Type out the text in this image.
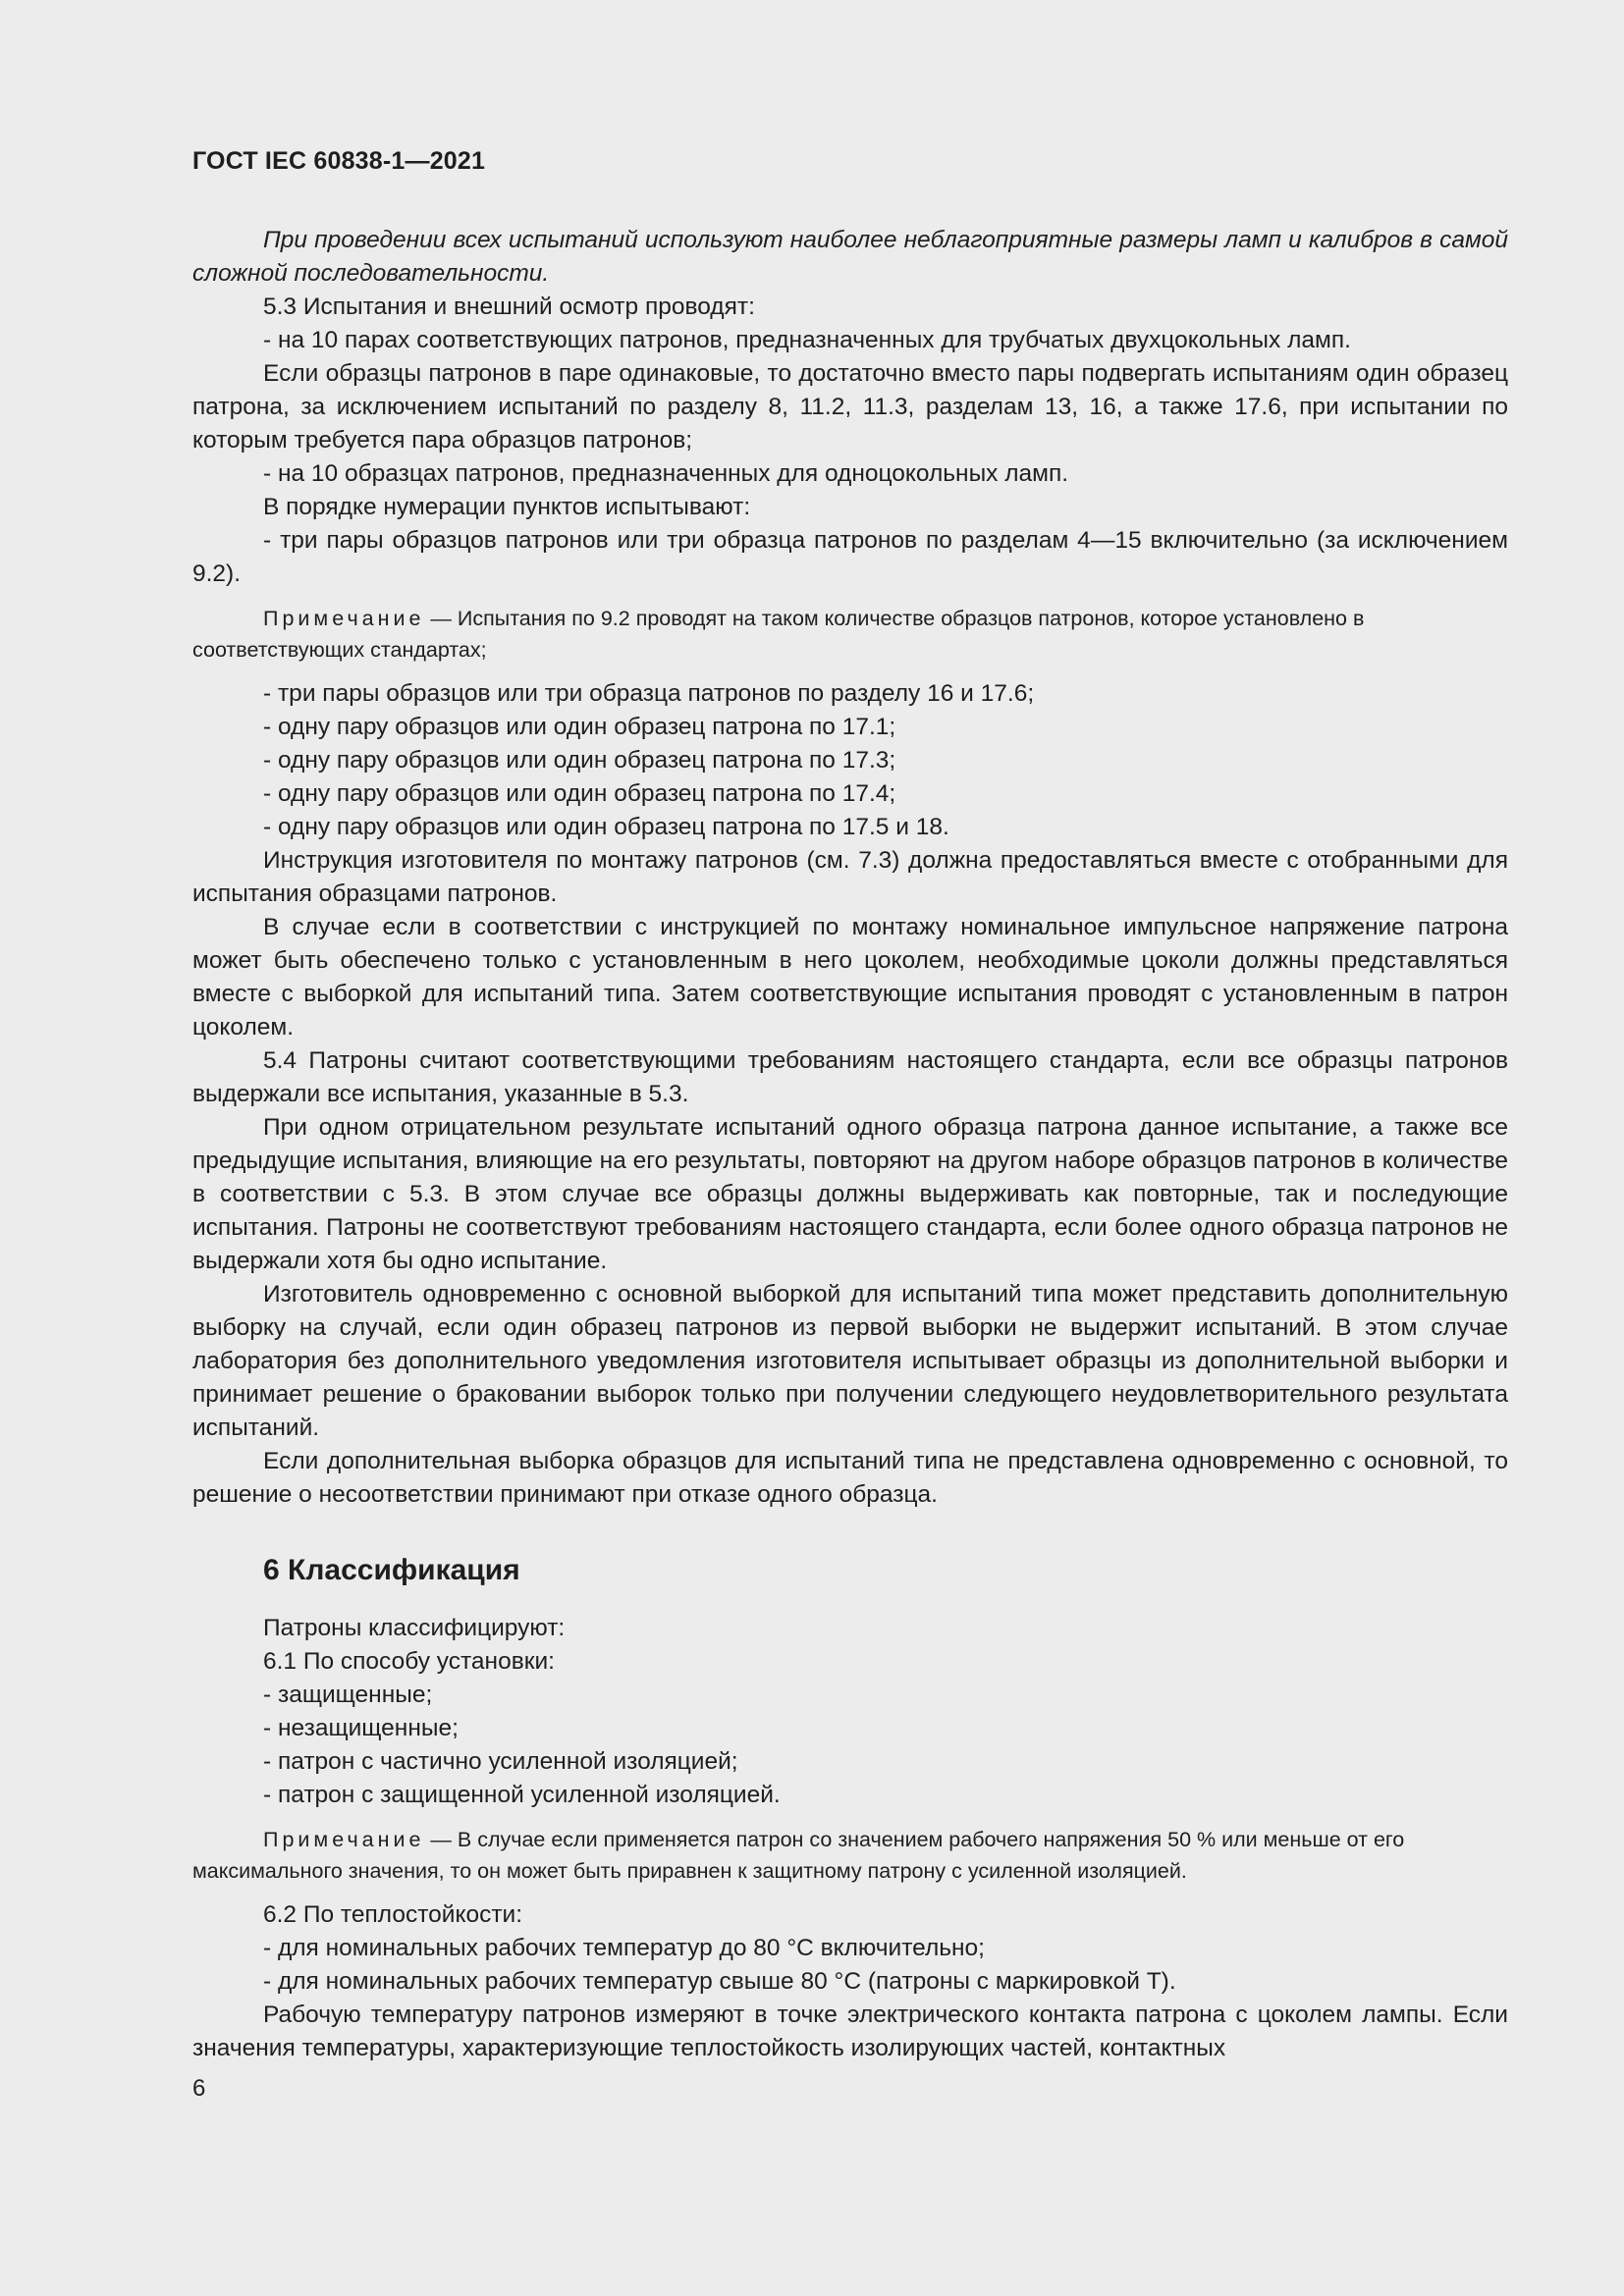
ГОСТ IEC 60838-1—2021

При проведении всех испытаний используют наиболее неблагоприятные размеры ламп и калибров в самой сложной последовательности.

5.3 Испытания и внешний осмотр проводят:

- на 10 парах соответствующих патронов, предназначенных для трубчатых двухцокольных ламп.

Если образцы патронов в паре одинаковые, то достаточно вместо пары подвергать испытаниям один образец патрона, за исключением испытаний по разделу 8, 11.2, 11.3, разделам 13, 16, а также 17.6, при испытании по которым требуется пара образцов патронов;

- на 10 образцах патронов, предназначенных для одноцокольных ламп.

В порядке нумерации пунктов испытывают:

- три пары образцов патронов или три образца патронов по разделам 4—15 включительно (за исключением 9.2).

Примечание — Испытания по 9.2 проводят на таком количестве образцов патронов, которое установлено в соответствующих стандартах;

- три пары образцов или три образца патронов по разделу 16 и 17.6;

- одну пару образцов или один образец патрона по 17.1;

- одну пару образцов или один образец патрона по 17.3;

- одну пару образцов или один образец патрона по 17.4;

- одну пару образцов или один образец патрона по 17.5 и 18.

Инструкция изготовителя по монтажу патронов (см. 7.3) должна предоставляться вместе с отобранными для испытания образцами патронов.

В случае если в соответствии с инструкцией по монтажу номинальное импульсное напряжение патрона может быть обеспечено только с установленным в него цоколем, необходимые цоколи должны представляться вместе с выборкой для испытаний типа. Затем соответствующие испытания проводят с установленным в патрон цоколем.

5.4 Патроны считают соответствующими требованиям настоящего стандарта, если все образцы патронов выдержали все испытания, указанные в 5.3.

При одном отрицательном результате испытаний одного образца патрона данное испытание, а также все предыдущие испытания, влияющие на его результаты, повторяют на другом наборе образцов патронов в количестве в соответствии с 5.3. В этом случае все образцы должны выдерживать как повторные, так и последующие испытания. Патроны не соответствуют требованиям настоящего стандарта, если более одного образца патронов не выдержали хотя бы одно испытание.

Изготовитель одновременно с основной выборкой для испытаний типа может представить дополнительную выборку на случай, если один образец патронов из первой выборки не выдержит испытаний. В этом случае лаборатория без дополнительного уведомления изготовителя испытывает образцы из дополнительной выборки и принимает решение о браковании выборок только при получении следующего неудовлетворительного результата испытаний.

Если дополнительная выборка образцов для испытаний типа не представлена одновременно с основной, то решение о несоответствии принимают при отказе одного образца.

6 Классификация

Патроны классифицируют:

6.1 По способу установки:

- защищенные;

- незащищенные;

- патрон с частично усиленной изоляцией;

- патрон с защищенной усиленной изоляцией.

Примечание — В случае если применяется патрон со значением рабочего напряжения 50 % или меньше от его максимального значения, то он может быть приравнен к защитному патрону с усиленной изоляцией.

6.2 По теплостойкости:

- для номинальных рабочих температур до 80 °С включительно;

- для номинальных рабочих температур свыше 80 °С (патроны с маркировкой Т).

Рабочую температуру патронов измеряют в точке электрического контакта патрона с цоколем лампы. Если значения температуры, характеризующие теплостойкость изолирующих частей, контактных

6
